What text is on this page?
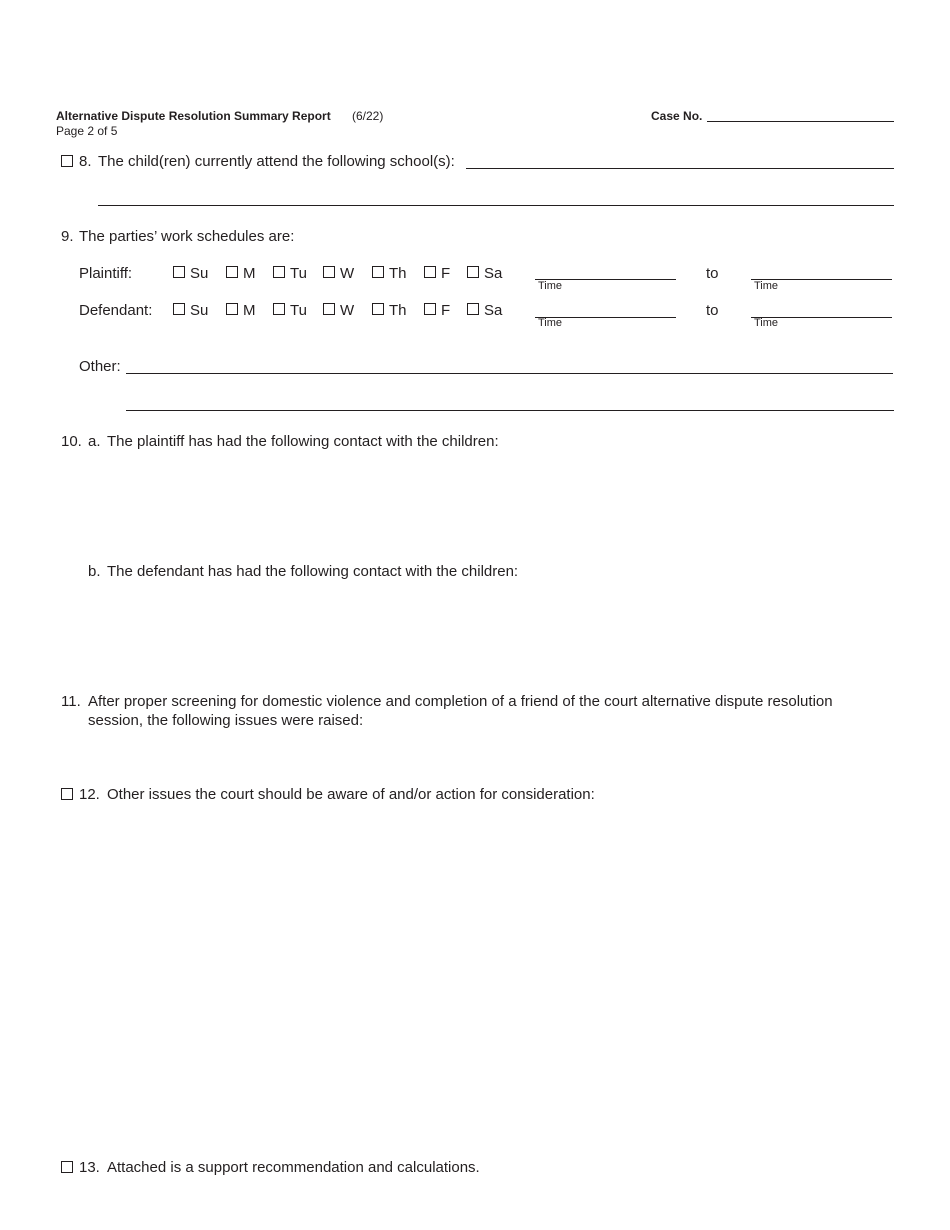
Alternative Dispute Resolution Summary Report (6/22)
Page 2 of 5
Case No.
8. The child(ren) currently attend the following school(s):
9. The parties’ work schedules are:
Plaintiff:	Su M Tu W Th F Sa
Time
to
Time
Defendant:	Su M Tu W Th F Sa
Time
to
Time
Other:
10. a. The plaintiff has had the following contact with the children:
b. The defendant has had the following contact with the children:
11. After proper screening for domestic violence and completion of a friend of the court alternative dispute resolution
session, the following issues were raised:
12. Other issues the court should be aware of and/or action for consideration:
13. Attached is a support recommendation and calculations.
